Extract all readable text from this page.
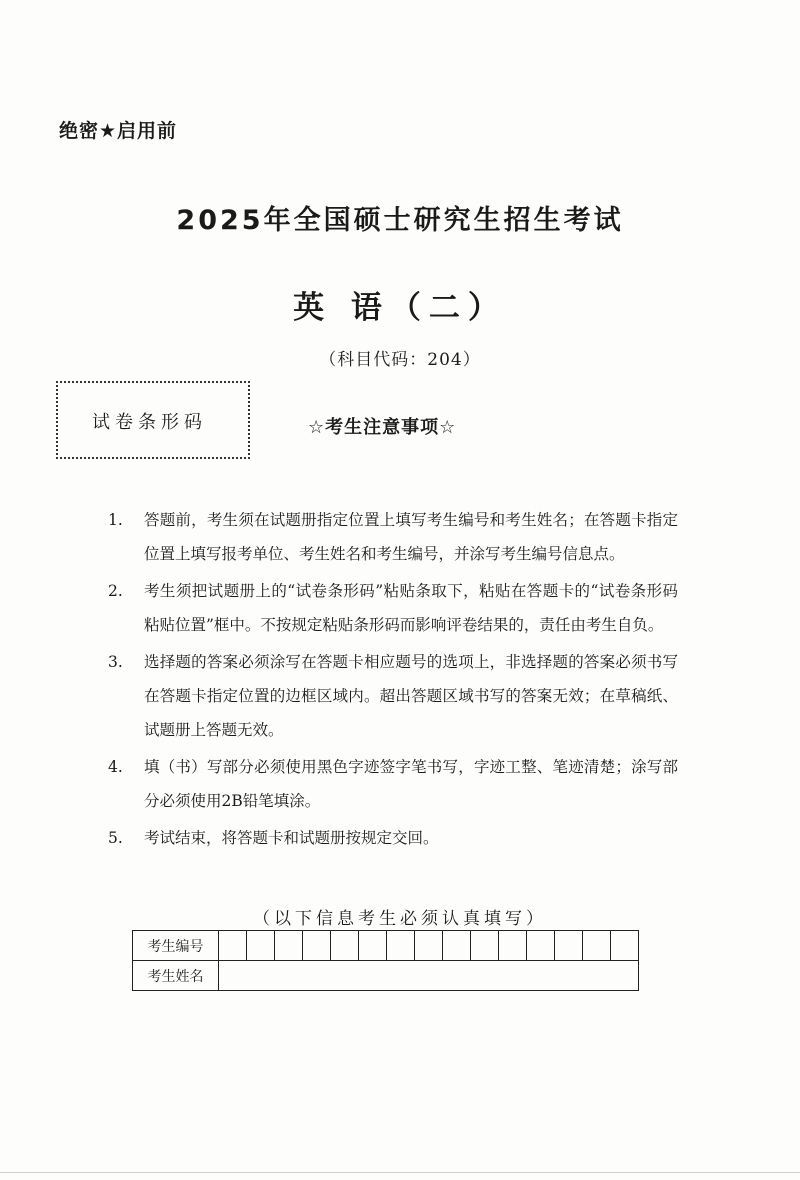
绝密★启用前
2025年全国硕士研究生招生考试
英 语（二）
（科目代码：204）
试卷条形码	☆考生注意事项☆
1. 答题前，考生须在试题册指定位置上填写考生编号和考生姓名；在答题卡指定位置上填写报考单位、考生姓名和考生编号，并涂写考生编号信息点。
2. 考生须把试题册上的“试卷条形码”粘贴条取下，粘贴在答题卡的“试卷条形码粘贴位置”框中。不按规定粘贴条形码而影响评卷结果的，责任由考生自负。
3. 选择题的答案必须涂写在答题卡相应题号的选项上，非选择题的答案必须书写在答题卡指定位置的边框区域内。超出答题区域书写的答案无效；在草稿纸、试题册上答题无效。
4. 填（书）写部分必须使用黑色字迹签字笔书写，字迹工整、笔迹清楚；涂写部分必须使用2B铅笔填涂。
5. 考试结束，将答题卡和试题册按规定交回。
（以下信息考生必须认真填写）
考生编号															
考生姓名															
